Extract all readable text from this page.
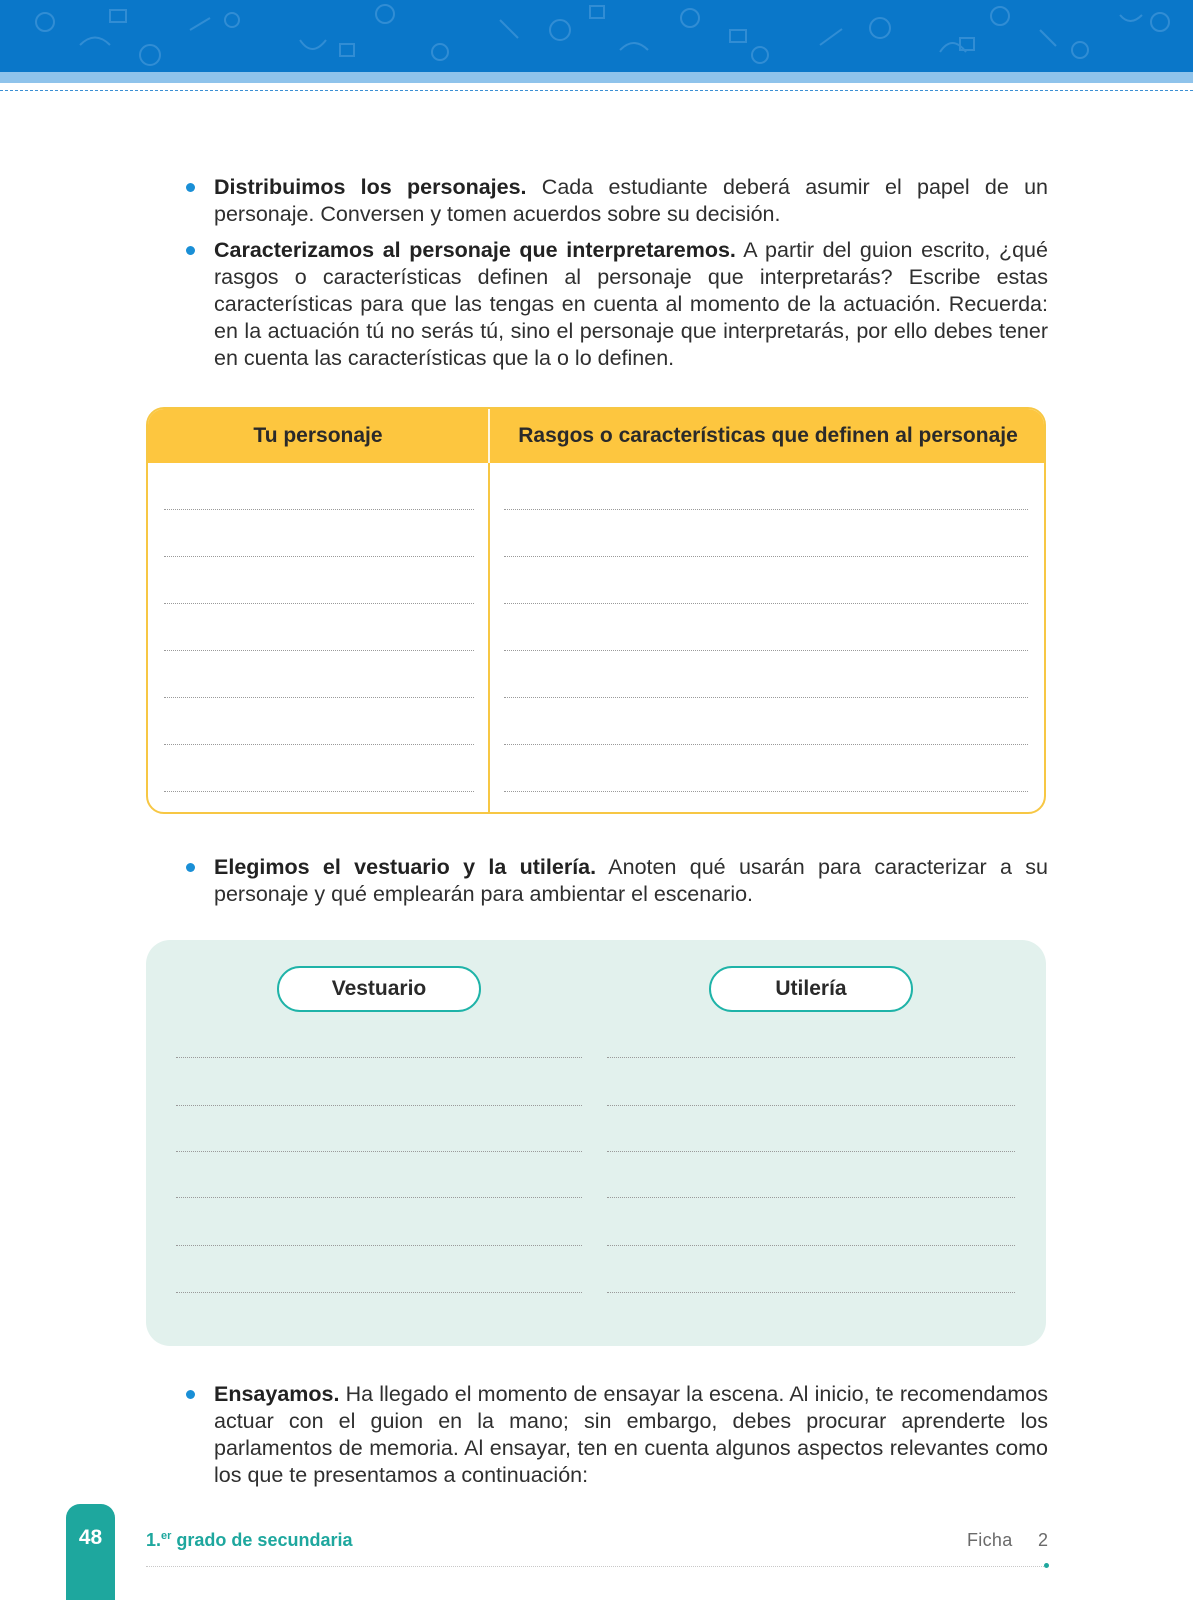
Distribuimos los personajes. Cada estudiante deberá asumir el papel de un personaje. Conversen y tomen acuerdos sobre su decisión.
Caracterizamos al personaje que interpretaremos. A partir del guion escrito, ¿qué rasgos o características definen al personaje que interpretarás? Escribe estas características para que las tengas en cuenta al momento de la actuación. Recuerda: en la actuación tú no serás tú, sino el personaje que interpretarás, por ello debes tener en cuenta las características que la o lo definen.
Tu personaje	Rasgos o características que definen al personaje
Elegimos el vestuario y la utilería. Anoten qué usarán para caracterizar a su personaje y qué emplearán para ambientar el escenario.
Vestuario	Utilería
Ensayamos. Ha llegado el momento de ensayar la escena. Al inicio, te recomendamos actuar con el guion en la mano; sin embargo, debes procurar aprenderte los parlamentos de memoria. Al ensayar, ten en cuenta algunos aspectos relevantes como los que te presentamos a continuación:
48	1.$^{er}$ grado de secundaria	Ficha 2
